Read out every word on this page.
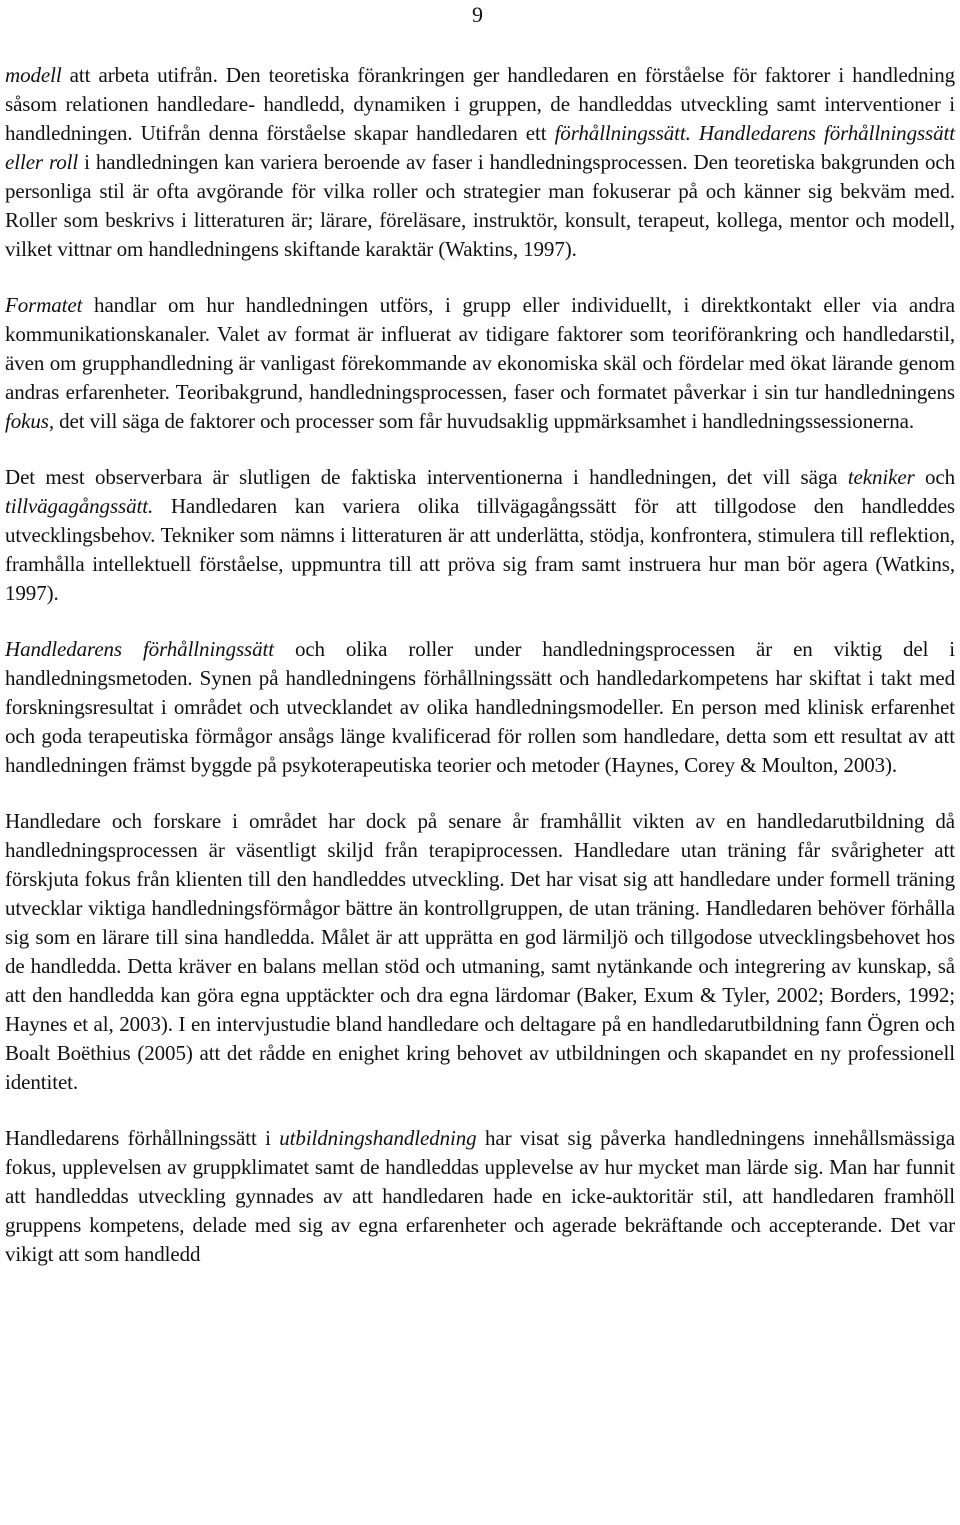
9

modell att arbeta utifrån. Den teoretiska förankringen ger handledaren en förståelse för faktorer i handledning såsom relationen handledare- handledd, dynamiken i gruppen, de handleddas utveckling samt interventioner i handledningen. Utifrån denna förståelse skapar handledaren ett förhållningssätt. Handledarens förhållningssätt eller roll i handledningen kan variera beroende av faser i handledningsprocessen. Den teoretiska bakgrunden och personliga stil är ofta avgörande för vilka roller och strategier man fokuserar på och känner sig bekväm med. Roller som beskrivs i litteraturen är; lärare, föreläsare, instruktör, konsult, terapeut, kollega, mentor och modell, vilket vittnar om handledningens skiftande karaktär (Waktins, 1997).

Formatet handlar om hur handledningen utförs, i grupp eller individuellt, i direktkontakt eller via andra kommunikationskanaler. Valet av format är influerat av tidigare faktorer som teoriförankring och handledarstil, även om grupphandledning är vanligast förekommande av ekonomiska skäl och fördelar med ökat lärande genom andras erfarenheter. Teoribakgrund, handledningsprocessen, faser och formatet påverkar i sin tur handledningens fokus, det vill säga de faktorer och processer som får huvudsaklig uppmärksamhet i handledningssessionerna.

Det mest observerbara är slutligen de faktiska interventionerna i handledningen, det vill säga tekniker och tillvägagångssätt. Handledaren kan variera olika tillvägagångssätt för att tillgodose den handleddes utvecklingsbehov. Tekniker som nämns i litteraturen är att underlätta, stödja, konfrontera, stimulera till reflektion, framhålla intellektuell förståelse, uppmuntra till att pröva sig fram samt instruera hur man bör agera (Watkins, 1997).

Handledarens förhållningssätt och olika roller under handledningsprocessen är en viktig del i handledningsmetoden. Synen på handledningens förhållningssätt och handledarkompetens har skiftat i takt med forskningsresultat i området och utvecklandet av olika handledningsmodeller. En person med klinisk erfarenhet och goda terapeutiska förmågor ansågs länge kvalificerad för rollen som handledare, detta som ett resultat av att handledningen främst byggde på psykoterapeutiska teorier och metoder (Haynes, Corey & Moulton, 2003).

Handledare och forskare i området har dock på senare år framhållit vikten av en handledarutbildning då handledningsprocessen är väsentligt skiljd från terapiprocessen. Handledare utan träning får svårigheter att förskjuta fokus från klienten till den handleddes utveckling. Det har visat sig att handledare under formell träning utvecklar viktiga handledningsförmågor bättre än kontrollgruppen, de utan träning. Handledaren behöver förhålla sig som en lärare till sina handledda. Målet är att upprätta en god lärmiljö och tillgodose utvecklingsbehovet hos de handledda. Detta kräver en balans mellan stöd och utmaning, samt nytänkande och integrering av kunskap, så att den handledda kan göra egna upptäckter och dra egna lärdomar (Baker, Exum & Tyler, 2002; Borders, 1992; Haynes et al, 2003). I en intervjustudie bland handledare och deltagare på en handledarutbildning fann Ögren och Boalt Boëthius (2005) att det rådde en enighet kring behovet av utbildningen och skapandet en ny professionell identitet.

Handledarens förhållningssätt i utbildningshandledning har visat sig påverka handledningens innehållsmässiga fokus, upplevelsen av gruppklimatet samt de handleddas upplevelse av hur mycket man lärde sig. Man har funnit att handleddas utveckling gynnades av att handledaren hade en icke-auktoritär stil, att handledaren framhöll gruppens kompetens, delade med sig av egna erfarenheter och agerade bekräftande och accepterande. Det var vikigt att som handledd
